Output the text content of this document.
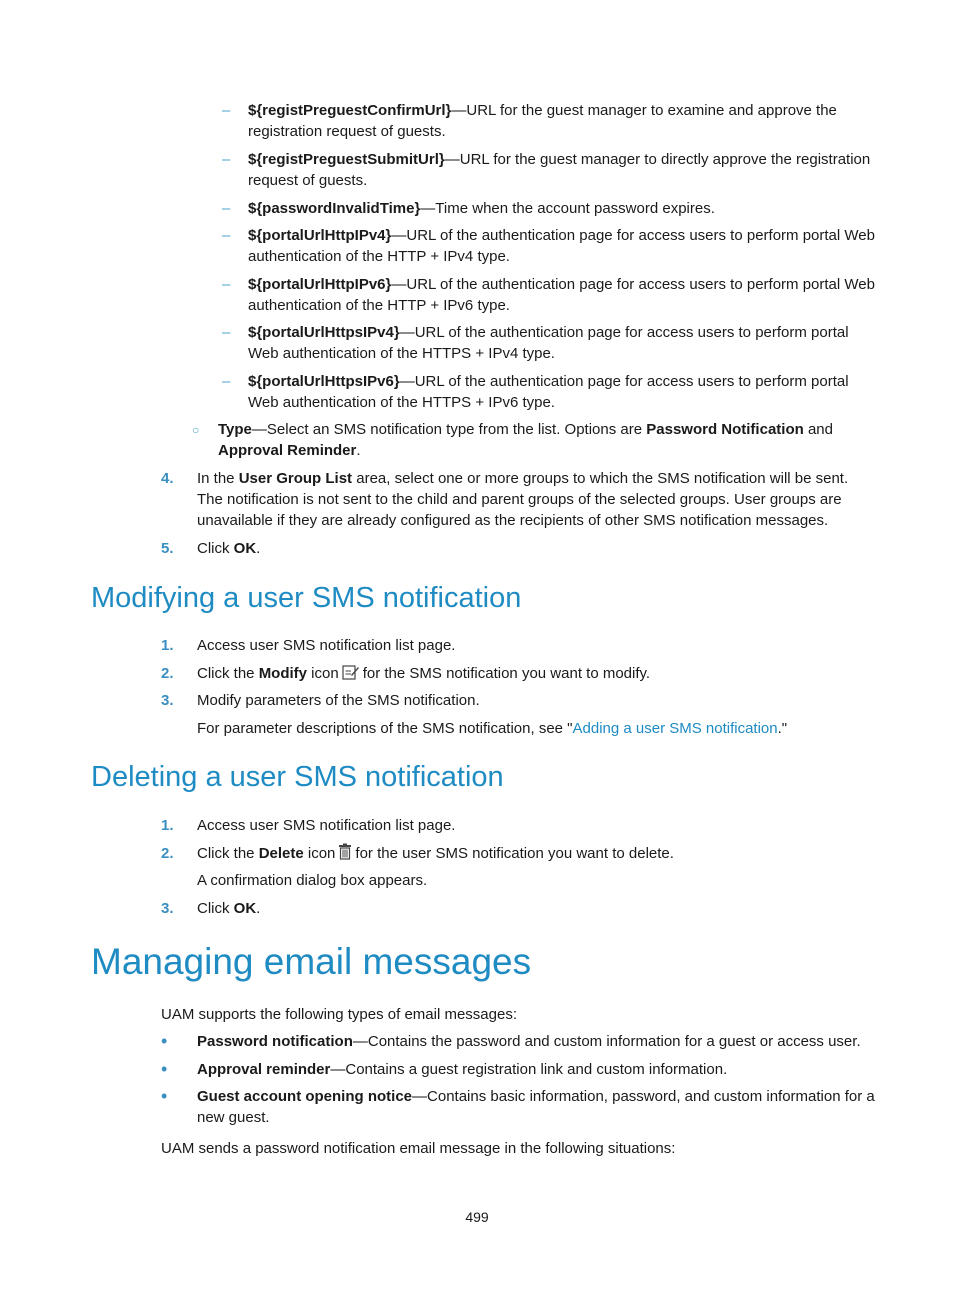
– ${registPreguestConfirmUrl}—URL for the guest manager to examine and approve the registration request of guests.
– ${registPreguestSubmitUrl}—URL for the guest manager to directly approve the registration request of guests.
– ${passwordInvalidTime}—Time when the account password expires.
– ${portalUrlHttpIPv4}—URL of the authentication page for access users to perform portal Web authentication of the HTTP + IPv4 type.
– ${portalUrlHttpIPv6}—URL of the authentication page for access users to perform portal Web authentication of the HTTP + IPv6 type.
– ${portalUrlHttpsIPv4}—URL of the authentication page for access users to perform portal Web authentication of the HTTPS + IPv4 type.
– ${portalUrlHttpsIPv6}—URL of the authentication page for access users to perform portal Web authentication of the HTTPS + IPv6 type.
○ Type—Select an SMS notification type from the list. Options are Password Notification and Approval Reminder.
4. In the User Group List area, select one or more groups to which the SMS notification will be sent. The notification is not sent to the child and parent groups of the selected groups. User groups are unavailable if they are already configured as the recipients of other SMS notification messages.
5. Click OK.
Modifying a user SMS notification
1. Access user SMS notification list page.
2. Click the Modify icon for the SMS notification you want to modify.
3. Modify parameters of the SMS notification.
For parameter descriptions of the SMS notification, see "Adding a user SMS notification."
Deleting a user SMS notification
1. Access user SMS notification list page.
2. Click the Delete icon for the user SMS notification you want to delete.
A confirmation dialog box appears.
3. Click OK.
Managing email messages
UAM supports the following types of email messages:
• Password notification—Contains the password and custom information for a guest or access user.
• Approval reminder—Contains a guest registration link and custom information.
• Guest account opening notice—Contains basic information, password, and custom information for a new guest.
UAM sends a password notification email message in the following situations:
499
